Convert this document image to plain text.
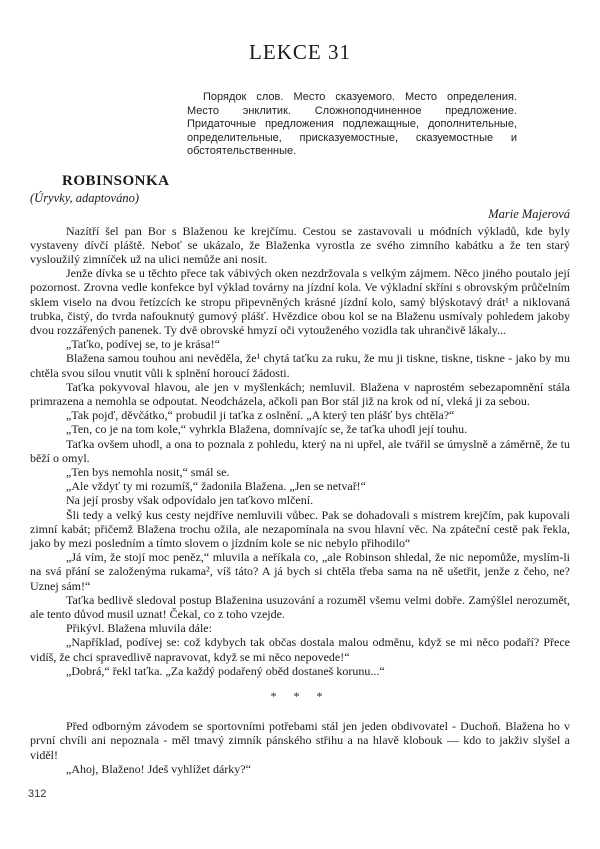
LEKCE 31
Порядок слов. Место сказуемого. Место определения. Место энклитик. Сложноподчиненное предложение. Придаточные предложения подлежащные, дополнительные, определительные, присказуемостные, сказуемостные и обстоятельственные.
ROBINSONKA
(Úryvky, adaptováno)
Marie Majerová

Nazítří šel pan Bor s Blaženou ke krejčímu. Cestou se zastavovali u módních výkladů, kde byly vystaveny dívčí pláště. Neboť se ukázalo, že Blaženka vyrostla ze svého zimního kabátku a že ten starý vysloužilý zimníček už na ulici nemůže ani nosit.

Jenže dívka se u těchto přece tak vábivých oken nezdržovala s velkým zájmem. Něco jiného poutalo její pozornost. Zrovna vedle konfekce byl výklad továrny na jízdní kola. Ve výkladní skříni s obrovským průčelním sklem viselo na dvou řetízcích ke stropu připevněných krásné jízdní kolo, samý blýskotavý drát¹ a niklovaná trubka, čistý, do tvrda nafouknutý gumový plášť. Hvězdice obou kol se na Blaženu usmívaly pohledem jakoby dvou rozzářených panenek. Ty dvě obrovské hmyzí oči vytouženého vozidla tak uhrančivě lákaly...

„Taťko, podívej se, to je krása!“

Blažena samou touhou ani nevěděla, že¹ chytá taťku za ruku, že mu ji tiskne, tiskne, tiskne - jako by mu chtěla svou silou vnutit vůli k splnění horoucí žádosti.

Taťka pokyvoval hlavou, ale jen v myšlenkách; nemluvil. Blažena v naprostém sebezapomnění stála primrazena a nemohla se odpoutat. Neodcházela, ačkoli pan Bor stál již na krok od ní, vleká ji za sebou.

„Tak pojď, děvčátko,“ probudil ji taťka z oslnění. „A který ten plášť bys chtěla?“

„Ten, co je na tom kole,“ vyhrkla Blažena, domnívajíc se, že taťka uhodl její touhu.

Taťka ovšem uhodl, a ona to poznala z pohledu, který na ni upřel, ale tvářil se úmyslně a záměrně, že tu běží o omyl.

„Ten bys nemohla nosit,“ smál se.

„Ale vždyť ty mi rozumíš,“ žadonila Blažena. „Jen se netvař!“

Na její prosby však odpovídalo jen taťkovo mlčení.

Šli tedy a velký kus cesty nejdříve nemluvili vůbec. Pak se dohadovali s mistrem krejčím, pak kupovali zimní kabát; přičemž Blažena trochu ožila, ale nezapomínala na svou hlavní věc. Na zpáteční cestě pak řekla, jako by mezi posledním a tímto slovem o jízdním kole se nic nebylo přihodilo“

„Já vím, že stojí moc peněz,“ mluvila a neříkala co, „ale Robinson shledal, že nic nepomůže, myslím-li na svá přání se založenýma rukama², víš táto? A já bych si chtěla třeba sama na ně ušetřit, jenže z čeho, ne? Uznej sám!“

Taťka bedlivě sledoval postup Blaženina usuzování a rozuměl všemu velmi dobře. Zamýšlel nerozumět, ale tento důvod musil uznat! Čekal, co z toho vzejde.

Přikývl. Blažena mluvila dále:

„Například, podívej se: což kdybych tak občas dostala malou odměnu, když se mi něco podaří? Přece vidíš, že chci spravedlivě napravovat, když se mi něco nepovede!“

„Dobrá,“ řekl taťka. „Za každý podařený oběd dostaneš korunu...“

* * *

Před odborným závodem se sportovními potřebami stál jen jeden obdivovatel - Duchoň. Blažena ho v první chvíli ani nepoznala - měl tmavý zimník pánského střihu a na hlavě klobouk — kdo to jakživ slyšel a viděl!

„Ahoj, Blaženo! Jdeš vyhlížet dárky?“

312
